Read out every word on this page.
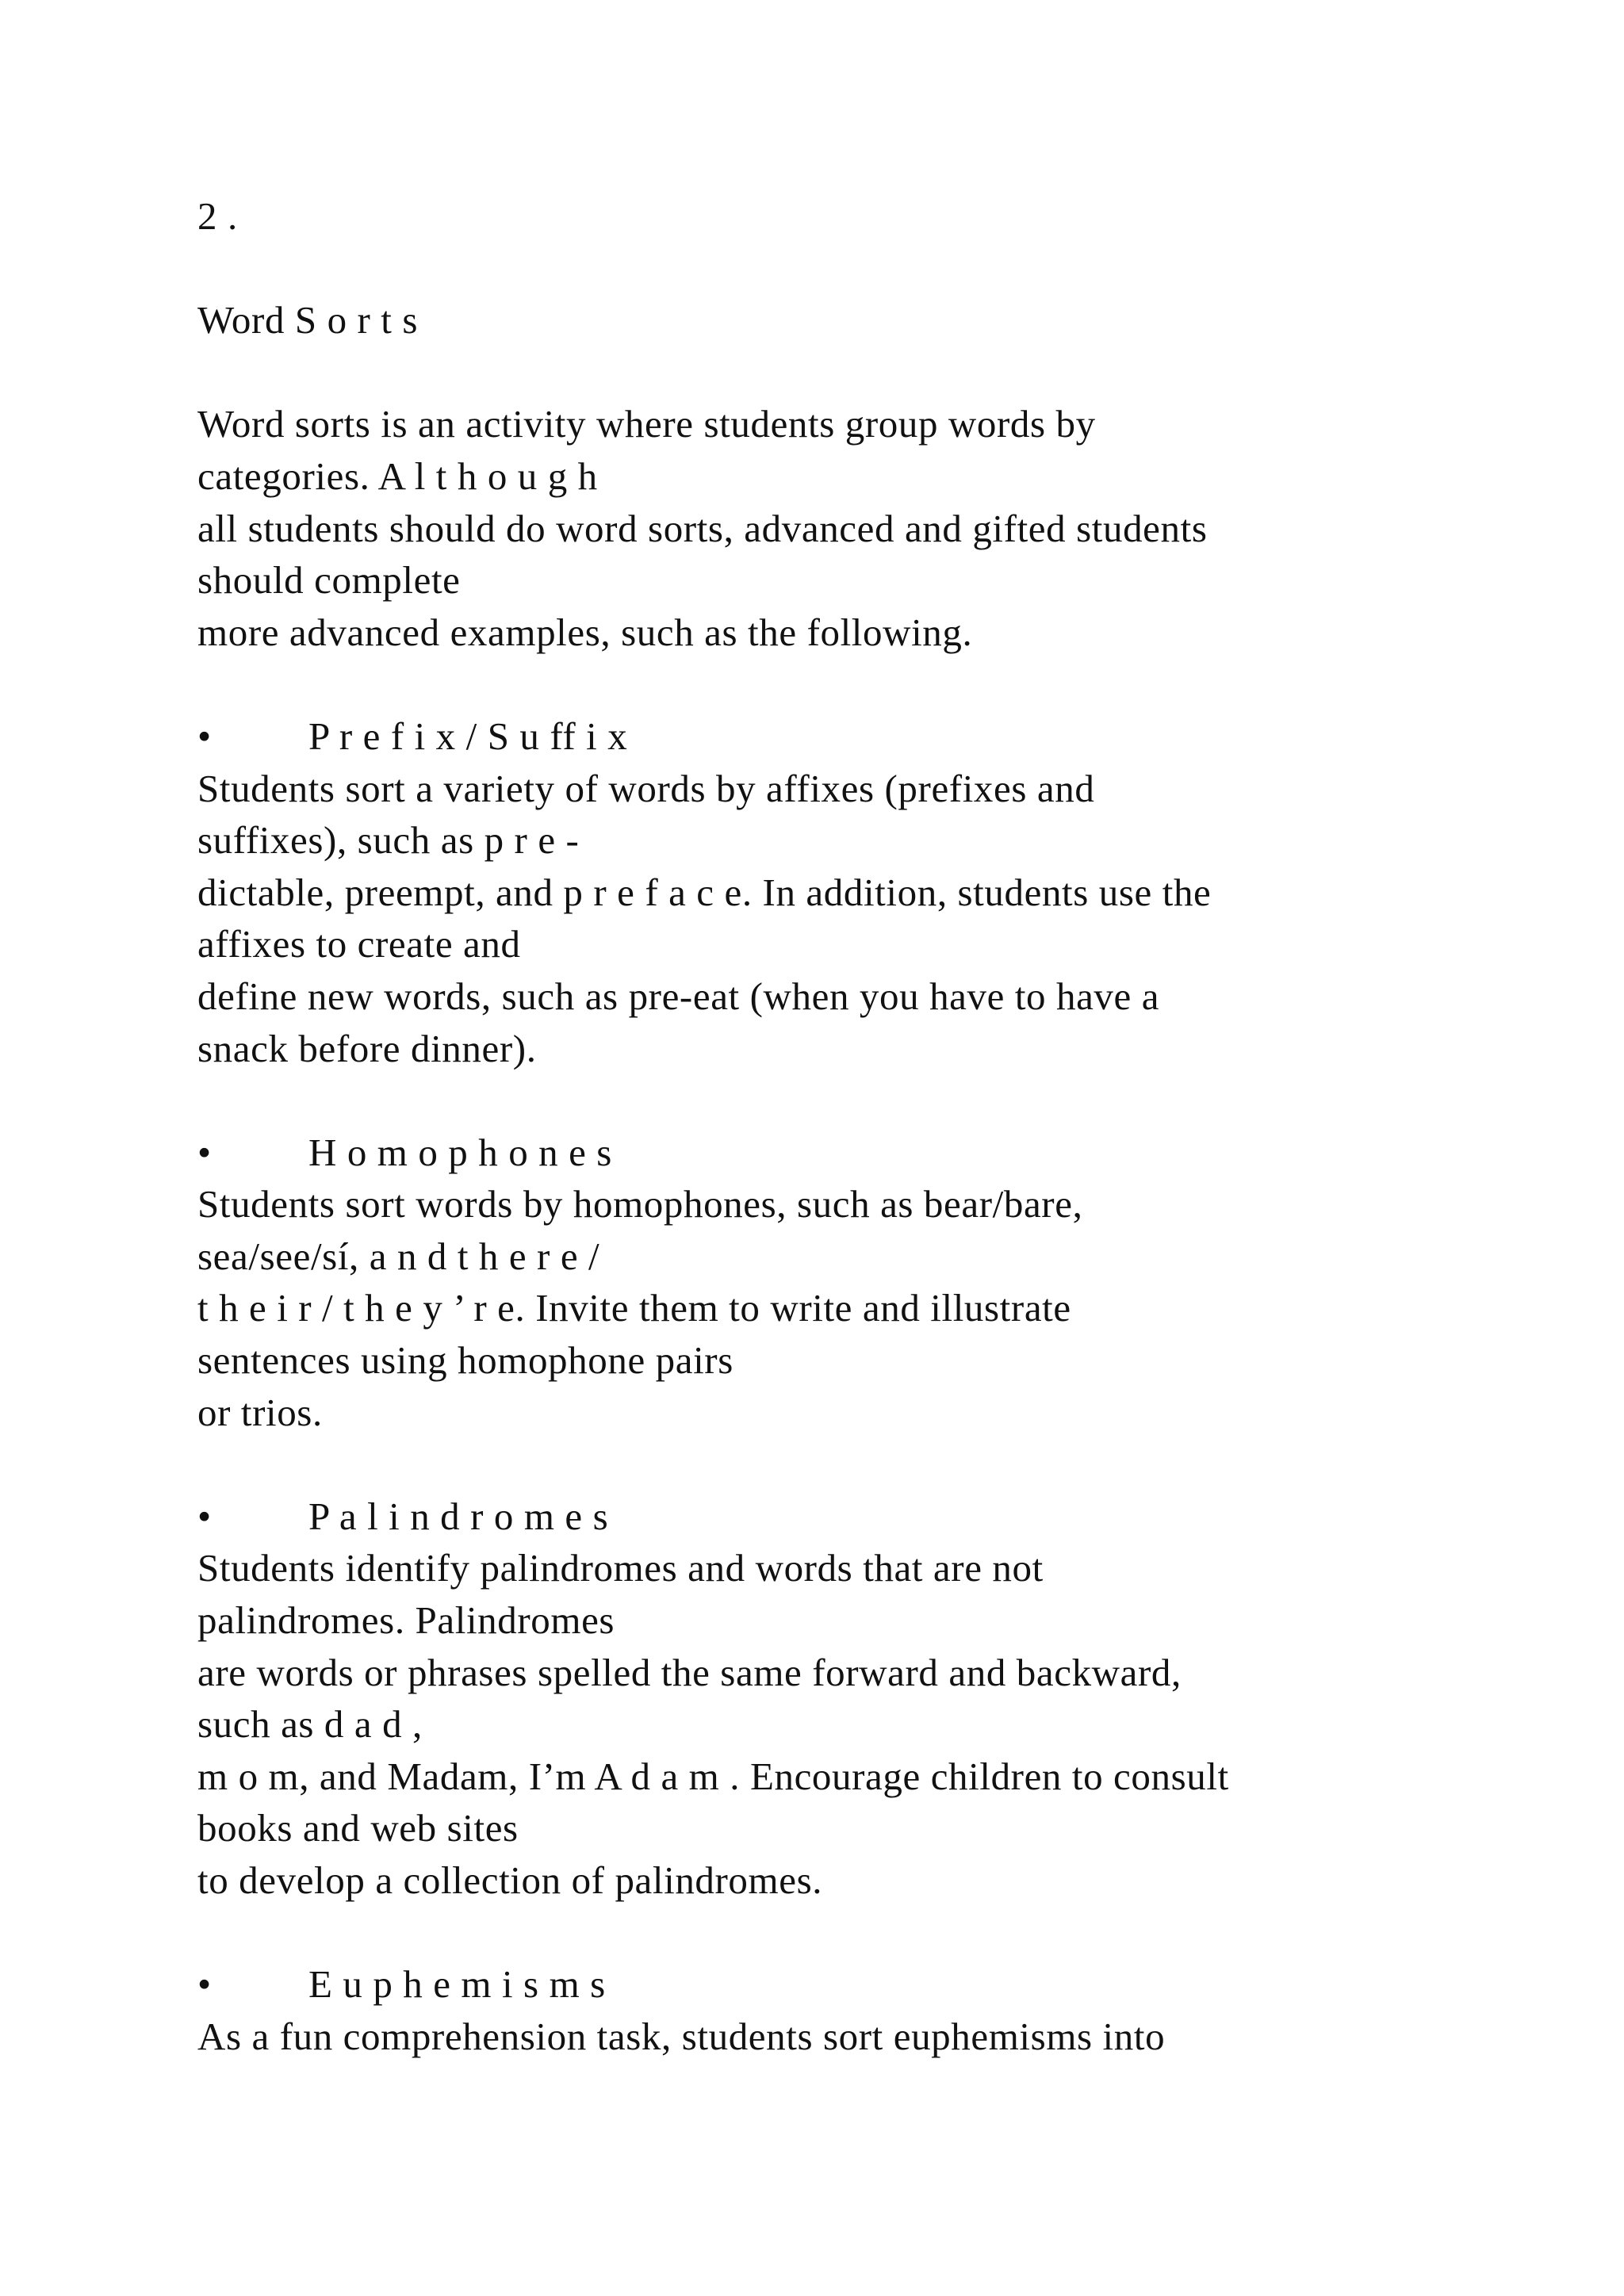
2 .
Word S o r t s
Word sorts is an activity where students group words by
categories. A l t h o u g h
all students should do word sorts, advanced and gifted students
should complete
more advanced examples, such as the following.
• P r e f i x / S u ff i x
Students sort a variety of words by affixes (prefixes and
suffixes), such as p r e -
dictable, preempt, and p r e f a c e. In addition, students use the
affixes to create and
define new words, such as pre-eat (when you have to have a
snack before dinner).
• H o m o p h o n e s
Students sort words by homophones, such as bear/bare,
sea/see/sí, a n d t h e r e /
t h e i r / t h e y ’ r e. Invite them to write and illustrate
sentences using homophone pairs
or trios.
• P a l i n d r o m e s
Students identify palindromes and words that are not
palindromes. Palindromes
are words or phrases spelled the same forward and backward,
such as d a d ,
m o m, and Madam, I’m A d a m . Encourage children to consult
books and web sites
to develop a collection of palindromes.
• E u p h e m i s m s
As a fun comprehension task, students sort euphemisms into
